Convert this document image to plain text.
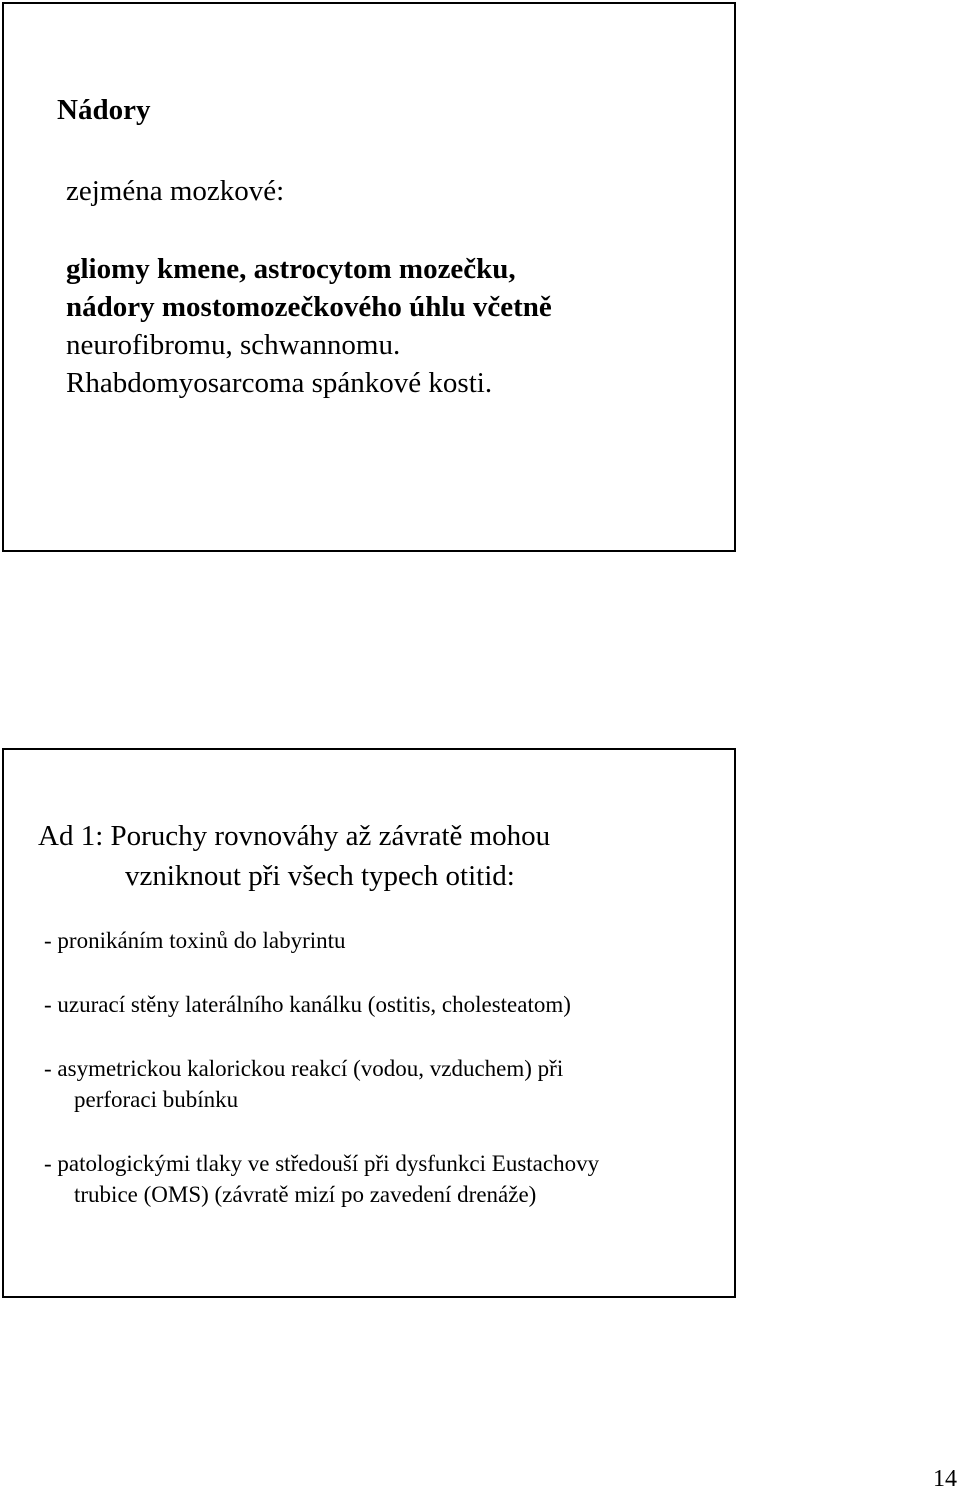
Nádory

zejména mozkové:

gliomy kmene, astrocytom mozečku,

nádory mostomozečkového úhlu včetně

neurofibromu, schwannomu.

Rhabdomyosarcoma spánkové kosti.

Ad 1: Poruchy rovnováhy až závratě mohou

vzniknout při všech typech otitid:

- pronikáním toxinů do labyrintu

- uzurací stěny laterálního kanálku (ostitis, cholesteatom)

- asymetrickou kalorickou reakcí (vodou, vzduchem) při

perforaci bubínku

- patologickými tlaky ve středouší při dysfunkci Eustachovy

trubice (OMS) (závratě mizí po zavedení drenáže)

14
